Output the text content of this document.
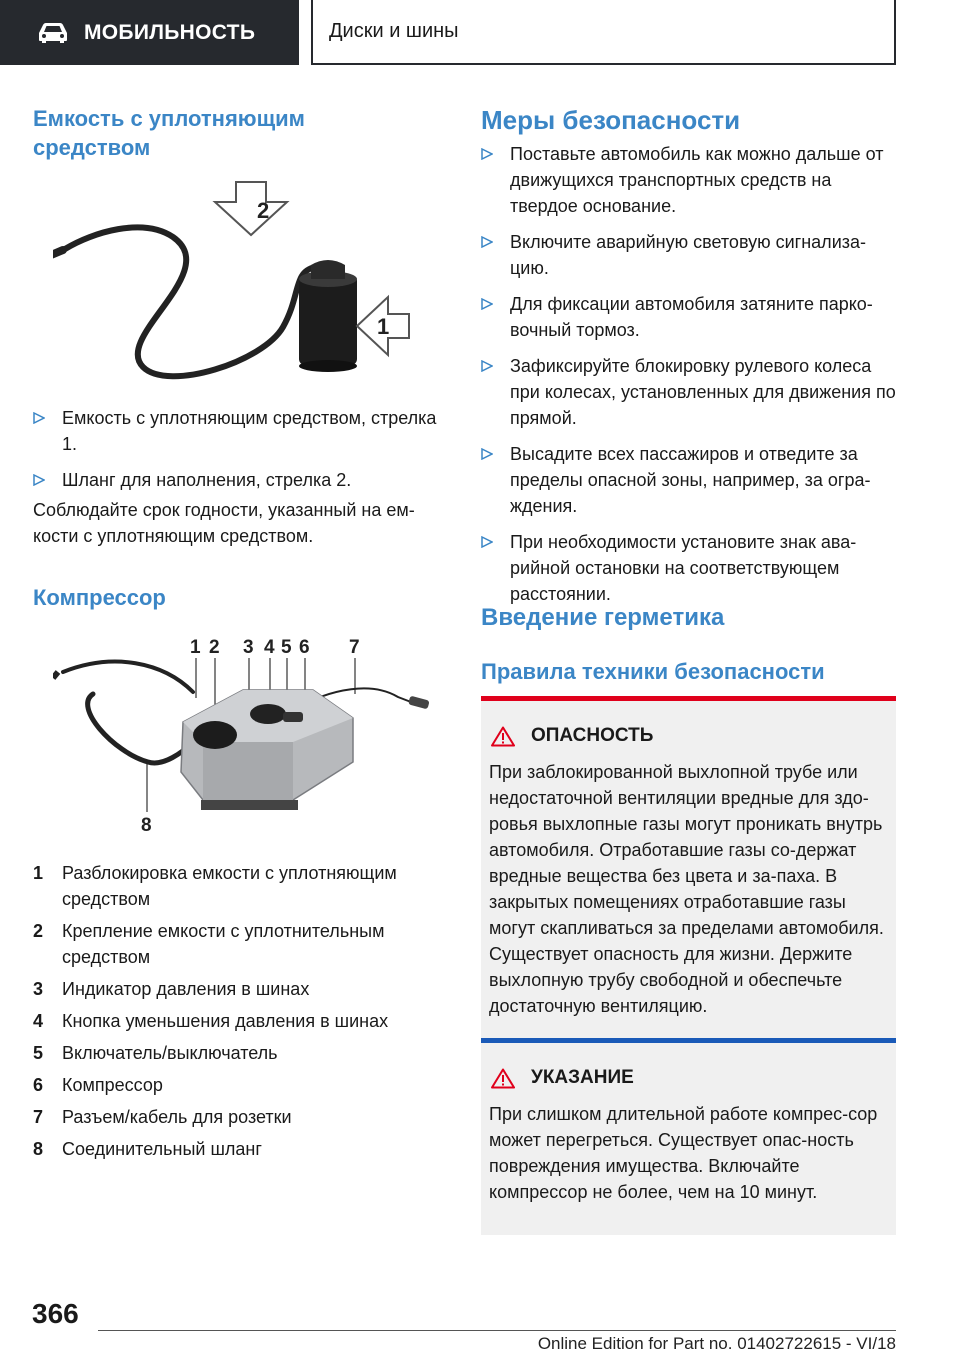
МОБИЛЬНОСТЬ	Диски и шины
Емкость с уплотняющим средством
2
1
Емкость с уплотняющим средством, стрелка 1.
Шланг для наполнения, стрелка 2.

Соблюдайте срок годности, указанный на ем-кости с уплотняющим средством.

Компрессор
1 2 3 4 5 6 7
8
1	Разблокировка емкости с уплотняющим средством
2	Крепление емкости с уплотнительным средством
3	Индикатор давления в шинах
4	Кнопка уменьшения давления в шинах
5	Включатель/выключатель
6	Компрессор
7	Разъем/кабель для розетки
8	Соединительный шланг
Меры безопасности
Поставьте автомобиль как можно дальше от движущихся транспортных средств на твердое основание.
Включите аварийную световую сигнализа-цию.
Для фиксации автомобиля затяните парко-вочный тормоз.
Зафиксируйте блокировку рулевого колеса при колесах, установленных для движения по прямой.
Высадите всех пассажиров и отведите за пределы опасной зоны, например, за огра-ждения.
При необходимости установите знак ава-рийной остановки на соответствующем расстоянии.
Введение герметика
Правила техники безопасности
ОПАСНОСТЬ

При заблокированной выхлопной трубе или недостаточной вентиляции вредные для здо-ровья выхлопные газы могут проникать внутрь автомобиля. Отработавшие газы со-держат вредные вещества без цвета и за-паха. В закрытых помещениях отработавшие газы могут скапливаться за пределами автомобиля. Существует опасность для жизни. Держите выхлопную трубу свободной и обеспечьте достаточную вентиляцию.

УКАЗАНИЕ

При слишком длительной работе компрес-сор может перегреться. Существует опас-ность повреждения имущества. Включайте компрессор не более, чем на 10 минут.

366
Online Edition for Part no. 01402722615 - VI/18
